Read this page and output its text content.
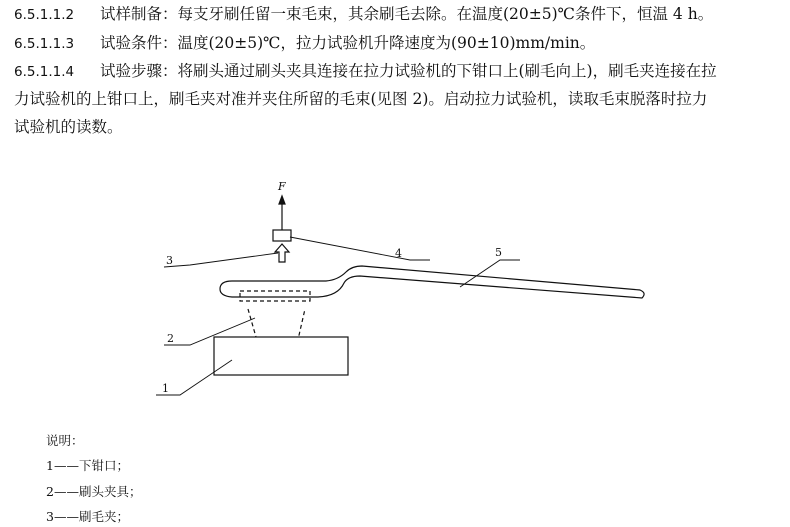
6.5.1.1.2 试样制备：每支牙刷任留一束毛束，其余刷毛去除。在温度(20±5)℃条件下，恒温 4 h。
6.5.1.1.3 试验条件：温度(20±5)℃，拉力试验机升降速度为(90±10)mm/min。
6.5.1.1.4 试验步骤：将刷头通过刷头夹具连接在拉力试验机的下钳口上(刷毛向上)，刷毛夹连接在拉
力试验机的上钳口上，刷毛夹对准并夹住所留的毛束(见图 2)。启动拉力试验机，读取毛束脱落时拉力
试验机的读数。
F
3
4	5
2
1
说明：
1——下钳口；
2——刷头夹具；
3——刷毛夹；
